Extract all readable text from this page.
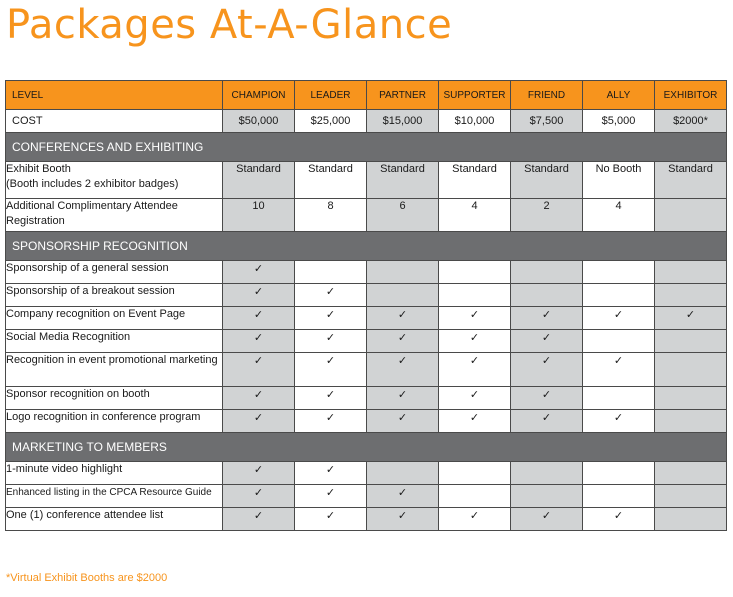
Packages At-A-Glance
LEVEL	CHAMPION	LEADER	PARTNER	SUPPORTER	FRIEND	ALLY	EXHIBITOR
COST	$50,000	$25,000	$15,000	$10,000	$7,500	$5,000	$2000*
CONFERENCES AND EXHIBITING							
Exhibit Booth
(Booth includes 2 exhibitor badges)	Standard	Standard	Standard	Standard	Standard	No Booth	Standard
Additional Complimentary Attendee Registration	10	8	6	4	2	4	
SPONSORSHIP RECOGNITION							
Sponsorship of a general session	✓						
Sponsorship of a breakout session	✓	✓					
Company recognition on Event Page	✓	✓	✓	✓	✓	✓	✓
Social Media Recognition	✓	✓	✓	✓	✓		
Recognition in event promotional marketing	✓	✓	✓	✓	✓	✓	
Sponsor recognition on booth	✓	✓	✓	✓	✓		
Logo recognition in conference program	✓	✓	✓	✓	✓	✓	
MARKETING TO MEMBERS							
1-minute video highlight	✓	✓					
Enhanced listing in the CPCA Resource Guide	✓	✓	✓				
One (1) conference attendee list	✓	✓	✓	✓	✓	✓	

*Virtual Exhibit Booths are $2000
